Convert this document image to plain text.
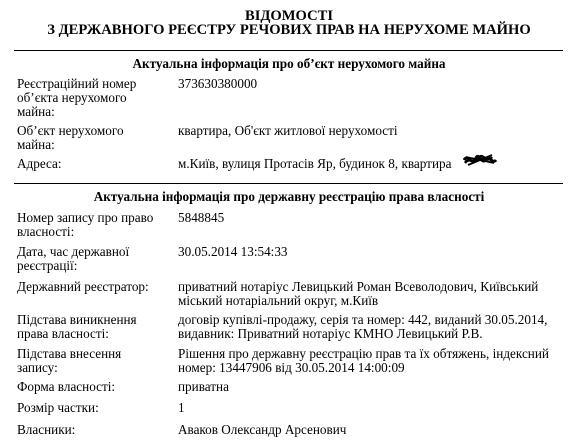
ВІДОМОСТІ
З ДЕРЖАВНОГО РЕЄСТРУ РЕЧОВИХ ПРАВ НА НЕРУХОМЕ МАЙНО
Актуальна інформація про об’єкт нерухомого майна
Реєстраційний номер
об’єкта нерухомого
майна:
373630380000
Об’єкт нерухомого
майна:
квартира, Об'єкт житлової нерухомості
Адреса:	м.Київ, вулиця Протасів Яр, будинок 8, квартира
Актуальна інформація про державну реєстрацію права власності
Номер запису про право
власності:
5848845
Дата, час державної
реєстрації:
30.05.2014 13:54:33
Державний реєстратор: приватний нотаріус Левицький Роман Всеволодович, Київський
міський нотаріальний округ, м.Київ
Підстава виникнення
права власності:
договір купівлі-продажу, серія та номер: 442, виданий 30.05.2014,
видавник: Приватний нотаріус КМНО Левицький Р.В.
Підстава внесення
запису:
Рішення про державну реєстрацію прав та їх обтяжень, індексний
номер: 13447906 від 30.05.2014 14:00:09
Форма власності:	приватна
Розмір частки:	1
Власники:	Аваков Олександр Арсенович
